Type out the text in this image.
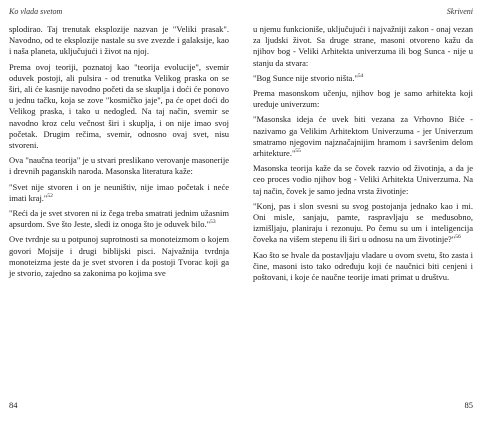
Ko vlada svetom

splodirao. Taj trenutak eksplozije nazvan je "Veliki prasak". Navodno, od te eksplozije nastale su sve zvezde i galaksije, kao i naša planeta, uključujući i život na njoj.

Prema ovoj teoriji, poznatoj kao "teorija evolucije", svemir oduvek postoji, ali pulsira - od trenutka Velikog praska on se širi, ali će kasnije navodno početi da se skuplja i doći će ponovo u jednu tačku, koja se zove "kosmičko jaje", pa će opet doći do Velikog praska, i tako u nedogled. Na taj način, svemir se navodno kroz celu večnost širi i skuplja, i on nije imao svoj početak. Drugim rečima, svemir, odnosno ovaj svet, nisu stvoreni.

Ova "naučna teorija" je u stvari preslikano verovanje masonerije i drevnih paganskih naroda. Masonska literatura kaže:

"Svet nije stvoren i on je neuništiv, nije imao početak i neće imati kraj."$^{52}$

"Reći da je svet stvoren ni iz čega treba smatrati jednim užasnim apsurdom. Sve što Jeste, sledi iz onoga što je oduvek bilo."$^{53}$

Ove tvrdnje su u potpunoj suprotnosti sa monoteizmom o kojem govori Mojsije i drugi biblijski pisci. Najvažnija tvrdnja monoteizma jeste da je svet stvoren i da postoji Tvorac koji ga je stvorio, zajedno sa zakonima po kojima sve

84
Skriveni

u njemu funkcioniše, uključujući i najvažniji zakon - onaj vezan za ljudski život. Sa druge strane, masoni otvoreno kažu da njihov bog - Veliki Arhitekta univerzuma ili bog Sunca - nije u stanju da stvara:

"Bog Sunce nije stvorio ništa."$^{54}$

Prema masonskom učenju, njihov bog je samo arhitekta koji uređuje univerzum:

"Masonska ideja će uvek biti vezana za Vrhovno Biće - nazivamo ga Velikim Arhitektom Univerzuma - jer Univerzum smatramo njegovim najznačajnijim hramom i savršenim delom arhitekture."$^{55}$

Masonska teorija kaže da se čovek razvio od životinja, a da je ceo proces vodio njihov bog - Veliki Arhitekta Univerzuma. Na taj način, čovek je samo jedna vrsta životinje:

"Konj, pas i slon svesni su svog postojanja jednako kao i mi. Oni misle, sanjaju, pamte, raspravljaju se međusobno, izmišljaju, planiraju i rezonuju. Po čemu su um i inteligencija čoveka na višem stepenu ili širi u odnosu na um životinje?"$^{56}$

Kao što se hvale da postavljaju vladare u ovom svetu, što zasta i čine, masoni isto tako određuju koji će naučnici biti cenjeni i poštovani, i koje će naučne teorije imati primat u društvu.

85
